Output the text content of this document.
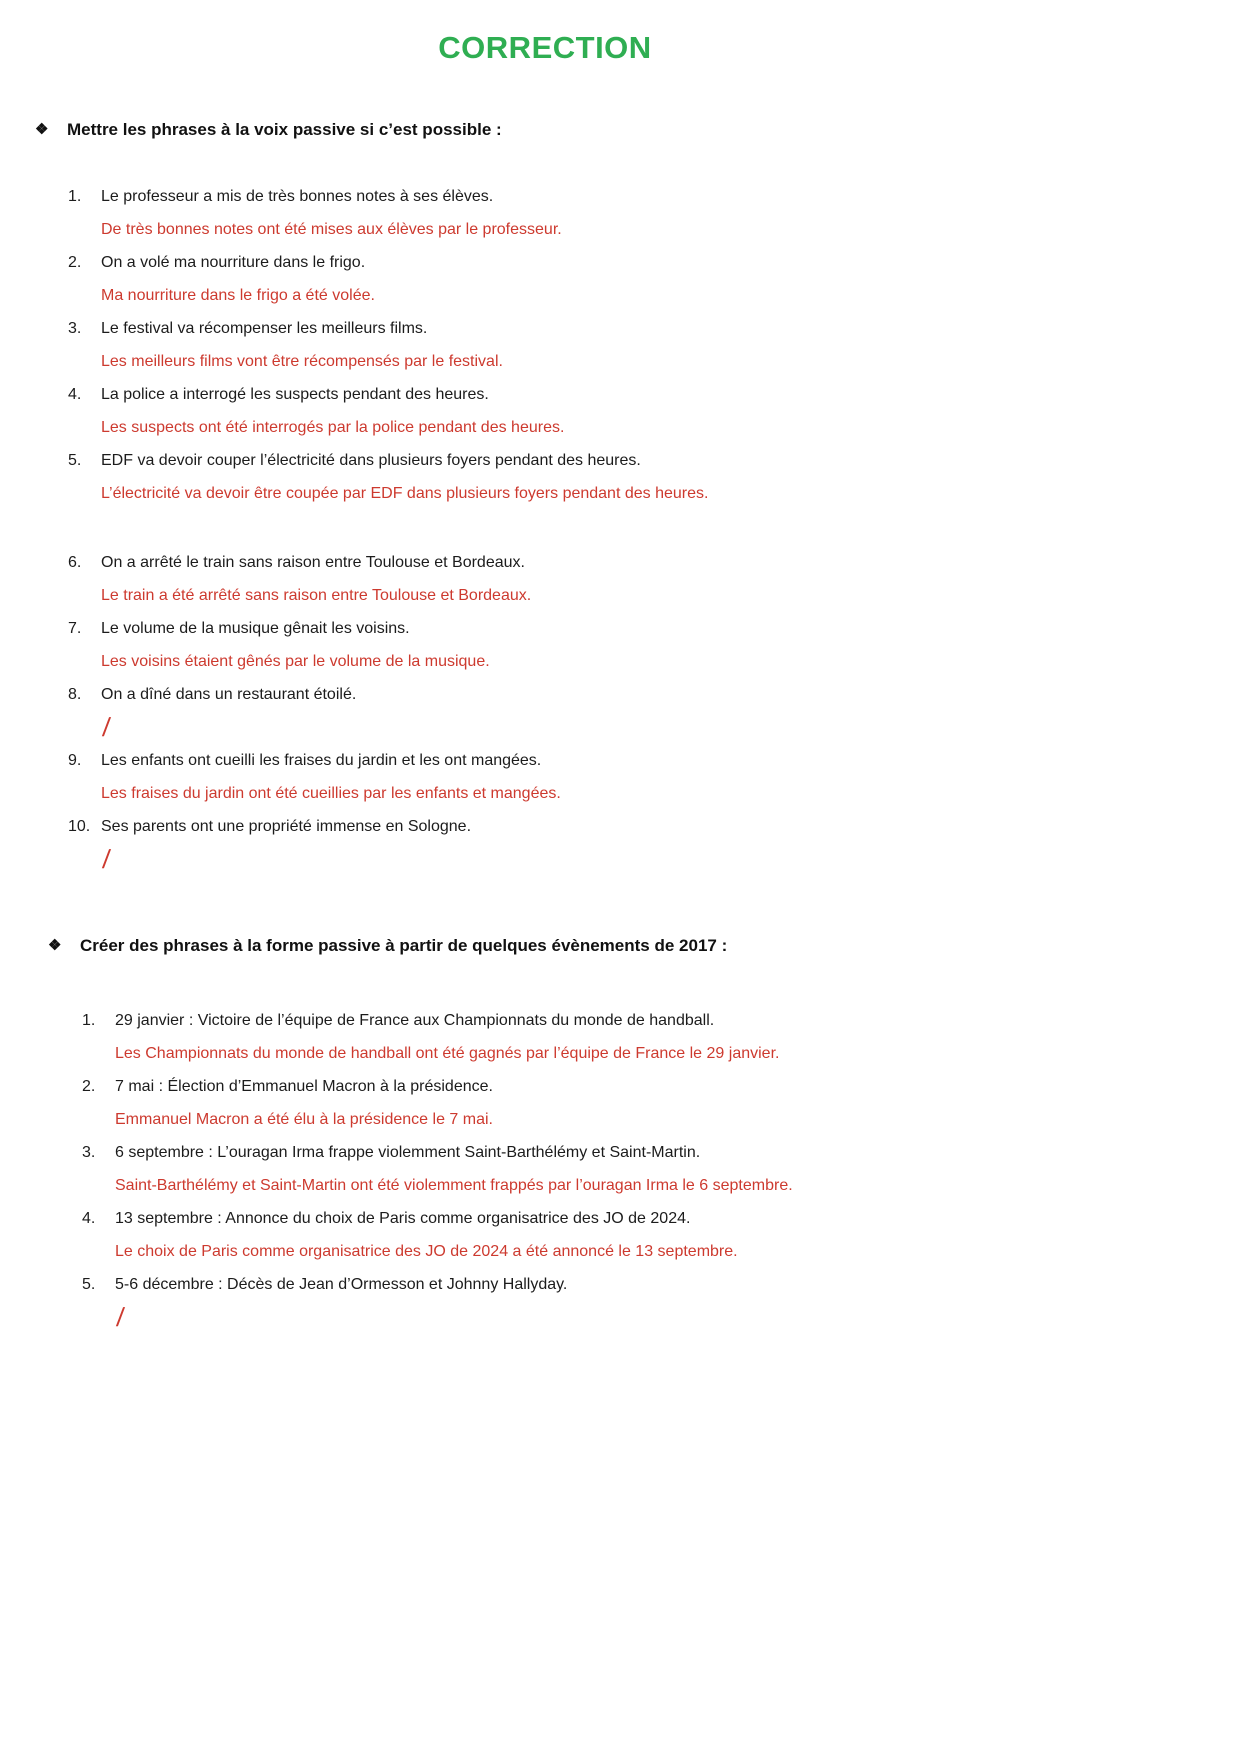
CORRECTION
❖	Mettre les phrases à la voix passive si c’est possible :
1.	Le professeur a mis de très bonnes notes à ses élèves.
De très bonnes notes ont été mises aux élèves par le professeur.
2.	On a volé ma nourriture dans le frigo.
Ma nourriture dans le frigo a été volée.
3.	Le festival va récompenser les meilleurs films.
Les meilleurs films vont être récompensés par le festival.
4.	La police a interrogé les suspects pendant des heures.
Les suspects ont été interrogés par la police pendant des heures.
5.	EDF va devoir couper l’électricité dans plusieurs foyers pendant des heures.
L’électricité va devoir être coupée par EDF dans plusieurs foyers pendant des heures.
6.	On a arrêté le train sans raison entre Toulouse et Bordeaux.
Le train a été arrêté sans raison entre Toulouse et Bordeaux.
7.	Le volume de la musique gênait les voisins.
Les voisins étaient gênés par le volume de la musique.
8.	On a dîné dans un restaurant étoilé.
/
9.	Les enfants ont cueilli les fraises du jardin et les ont mangées.
Les fraises du jardin ont été cueillies par les enfants et mangées.
10. Ses parents ont une propriété immense en Sologne.
/
❖	Créer des phrases à la forme passive à partir de quelques évènements de 2017 :
1.	29 janvier : Victoire de l’équipe de France aux Championnats du monde de handball.
Les Championnats du monde de handball ont été gagnés par l’équipe de France le 29 janvier.
2.	7 mai : Élection d’Emmanuel Macron à la présidence.
Emmanuel Macron a été élu à la présidence le 7 mai.
3.	6 septembre : L’ouragan Irma frappe violemment Saint-Barthélémy et Saint-Martin.
Saint-Barthélémy et Saint-Martin ont été violemment frappés par l’ouragan Irma le 6 septembre.
4.	13 septembre : Annonce du choix de Paris comme organisatrice des JO de 2024.
Le choix de Paris comme organisatrice des JO de 2024 a été annoncé le 13 septembre.
5.	5-6 décembre : Décès de Jean d’Ormesson et Johnny Hallyday.
/
